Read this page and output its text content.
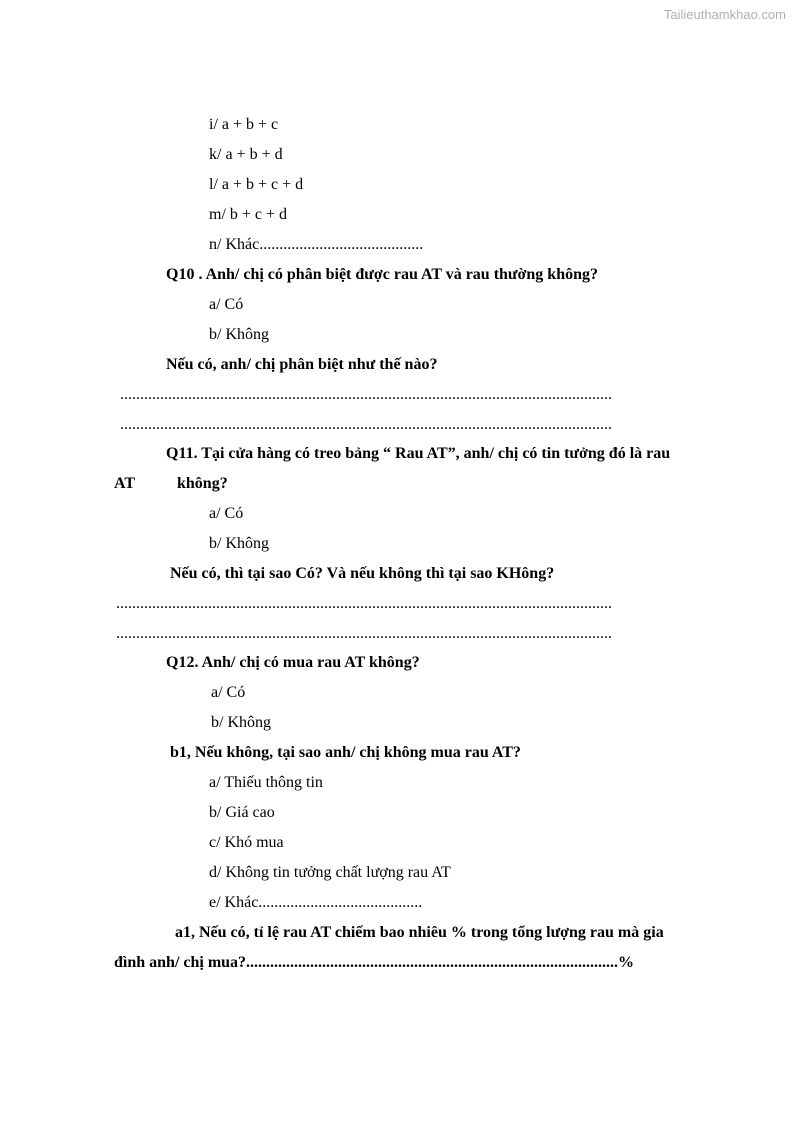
Tailieuthamkhao.com
i/ a + b + c
k/ a + b + d
l/ a + b + c + d
m/ b + c + d
n/ Khác.........................................
Q10 . Anh/ chị có phân biệt được rau AT và rau thường không?
a/ Có
b/ Không
Nếu có, anh/ chị phân biệt như thế nào?
...........................................................................................................................
...........................................................................................................................
Q11. Tại cửa hàng có treo bảng “ Rau AT”, anh/ chị có tin tưởng đó là rau
AT	không?
a/ Có
b/ Không
Nếu có, thì tại sao Có? Và nếu không thì tại sao KHông?
............................................................................................................................
............................................................................................................................
Q12. Anh/ chị có mua rau AT không?
a/ Có
b/ Không
b1, Nếu không, tại sao anh/ chị không mua rau AT?
a/ Thiếu thông tin
b/ Giá cao
c/ Khó mua
d/ Không tin tưởng chất lượng rau AT
e/ Khác.........................................
a1, Nếu có, tỉ lệ rau AT chiếm bao nhiêu % trong tổng lượng rau mà gia
đình anh/ chị mua?.............................................................................................%
